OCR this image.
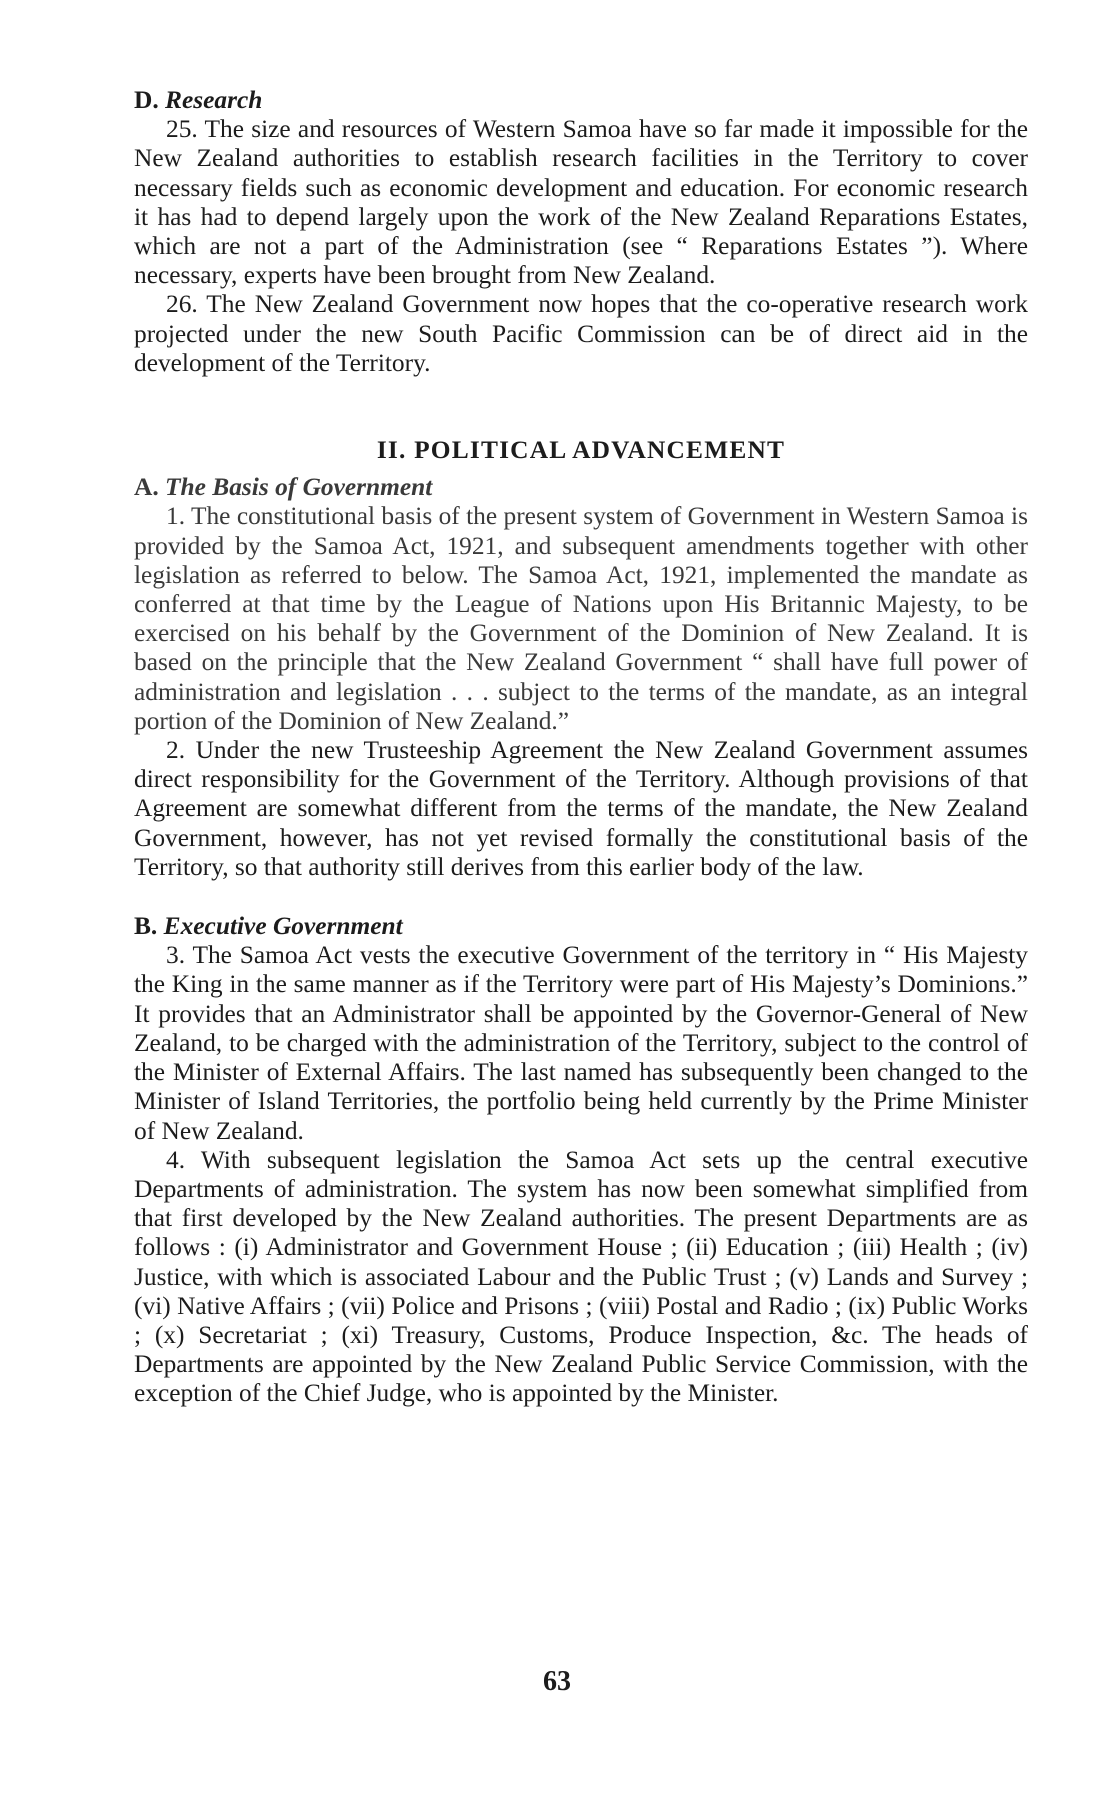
D. Research

25. The size and resources of Western Samoa have so far made it impossible for the New Zealand authorities to establish research facilities in the Territory to cover necessary fields such as economic development and education. For economic research it has had to depend largely upon the work of the New Zealand Reparations Estates, which are not a part of the Administration (see “ Reparations Estates ”). Where necessary, experts have been brought from New Zealand.

26. The New Zealand Government now hopes that the co-operative research work projected under the new South Pacific Commission can be of direct aid in the development of the Territory.

II. POLITICAL ADVANCEMENT
A. The Basis of Government

1. The constitutional basis of the present system of Government in Western Samoa is provided by the Samoa Act, 1921, and subsequent amendments together with other legislation as referred to below. The Samoa Act, 1921, implemented the mandate as conferred at that time by the League of Nations upon His Britannic Majesty, to be exercised on his behalf by the Government of the Dominion of New Zealand. It is based on the principle that the New Zealand Government “ shall have full power of administration and legislation . . . subject to the terms of the mandate, as an integral portion of the Dominion of New Zealand.”

2. Under the new Trusteeship Agreement the New Zealand Government assumes direct responsibility for the Government of the Territory. Although provisions of that Agreement are somewhat different from the terms of the mandate, the New Zealand Government, however, has not yet revised formally the constitutional basis of the Territory, so that authority still derives from this earlier body of the law.

B. Executive Government

3. The Samoa Act vests the executive Government of the territory in “ His Majesty the King in the same manner as if the Territory were part of His Majesty’s Dominions.” It provides that an Administrator shall be appointed by the Governor-General of New Zealand, to be charged with the administration of the Territory, subject to the control of the Minister of External Affairs. The last named has subsequently been changed to the Minister of Island Territories, the portfolio being held currently by the Prime Minister of New Zealand.

4. With subsequent legislation the Samoa Act sets up the central executive Departments of administration. The system has now been somewhat simplified from that first developed by the New Zealand authorities. The present Departments are as follows : (i) Administrator and Government House ; (ii) Education ; (iii) Health ; (iv) Justice, with which is associated Labour and the Public Trust ; (v) Lands and Survey ; (vi) Native Affairs ; (vii) Police and Prisons ; (viii) Postal and Radio ; (ix) Public Works ; (x) Secretariat ; (xi) Treasury, Customs, Produce Inspection, &c. The heads of Departments are appointed by the New Zealand Public Service Commission, with the exception of the Chief Judge, who is appointed by the Minister.

63
